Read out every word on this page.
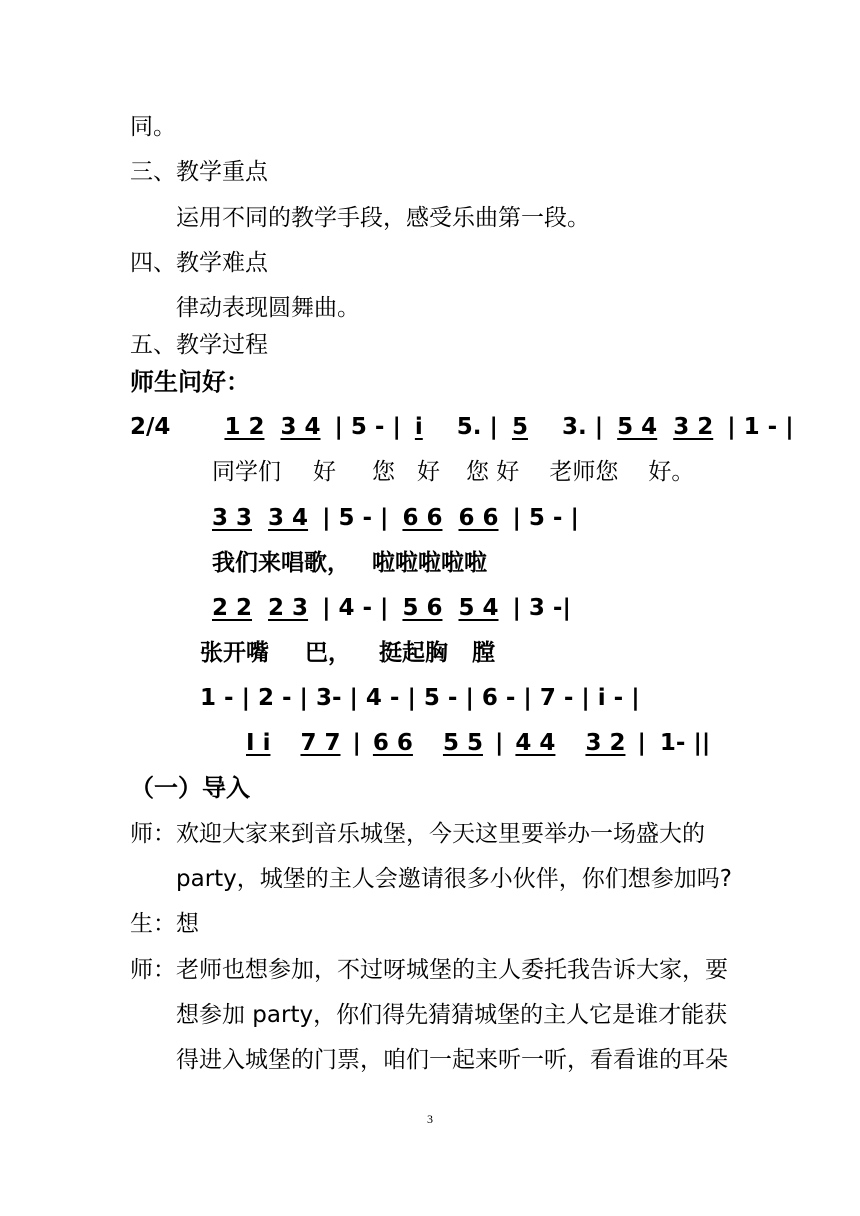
同。
三、教学重点
运用不同的教学手段，感受乐曲第一段。
四、教学难点
律动表现圆舞曲。
五、教学过程
师生问好：
2/4 1 2 3 4 | 5 - | i 5. | 5 3. | 5 4 3 2 | 1 - |
同学们 好 您 好 您 好 老师您 好。
3 3 3 4 | 5 - | 6 6 6 6 | 5 - |
我们来唱歌， 啦啦啦啦啦
2 2 2 3 | 4 - | 5 6 5 4 | 3 -|
张开嘴 巴， 挺起胸 膛
1 - | 2 - | 3- | 4 - | 5 - | 6 - | 7 - | i - |
I i 7 7 | 6 6 5 5 | 4 4 3 2 | 1- ||
（一）导入
师： 欢迎大家来到音乐城堡，今天这里要举办一场盛大的
party，城堡的主人会邀请很多小伙伴，你们想参加吗?
生： 想
师： 老师也想参加，不过呀城堡的主人委托我告诉大家，要
想参加 party，你们得先猜猜城堡的主人它是谁才能获
得进入城堡的门票，咱们一起来听一听，看看谁的耳朵
3
